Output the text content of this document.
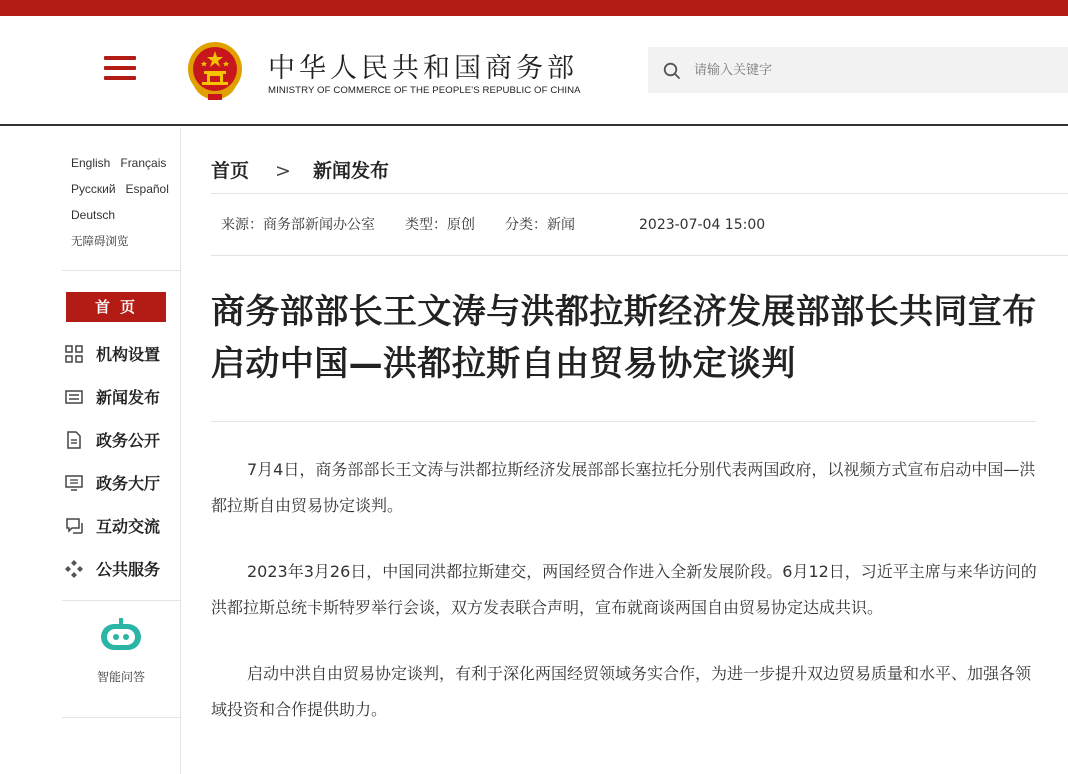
中华人民共和国商务部
MINISTRY OF COMMERCE OF THE PEOPLE'S REPUBLIC OF CHINA
请输入关键字
English Français
Русский Español
Deutsch
无障碍浏览
首页
机构设置
新闻发布
政务公开
政务大厅
互动交流
公共服务
智能问答
首页 > 新闻发布
来源：商务部新闻办公室 类型：原创 分类：新闻	2023-07-04 15:00
商务部部长王文涛与洪都拉斯经济发展部部长共同宣布启动中国—洪都拉斯自由贸易协定谈判

7月4日，商务部部长王文涛与洪都拉斯经济发展部部长塞拉托分别代表两国政府，以视频方式宣布启动中国—洪都拉斯自由贸易协定谈判。

2023年3月26日，中国同洪都拉斯建交，两国经贸合作进入全新发展阶段。6月12日，习近平主席与来华访问的洪都拉斯总统卡斯特罗举行会谈，双方发表联合声明，宣布就商谈两国自由贸易协定达成共识。

启动中洪自由贸易协定谈判，有利于深化两国经贸领域务实合作，为进一步提升双边贸易质量和水平、加强各领域投资和合作提供助力。
